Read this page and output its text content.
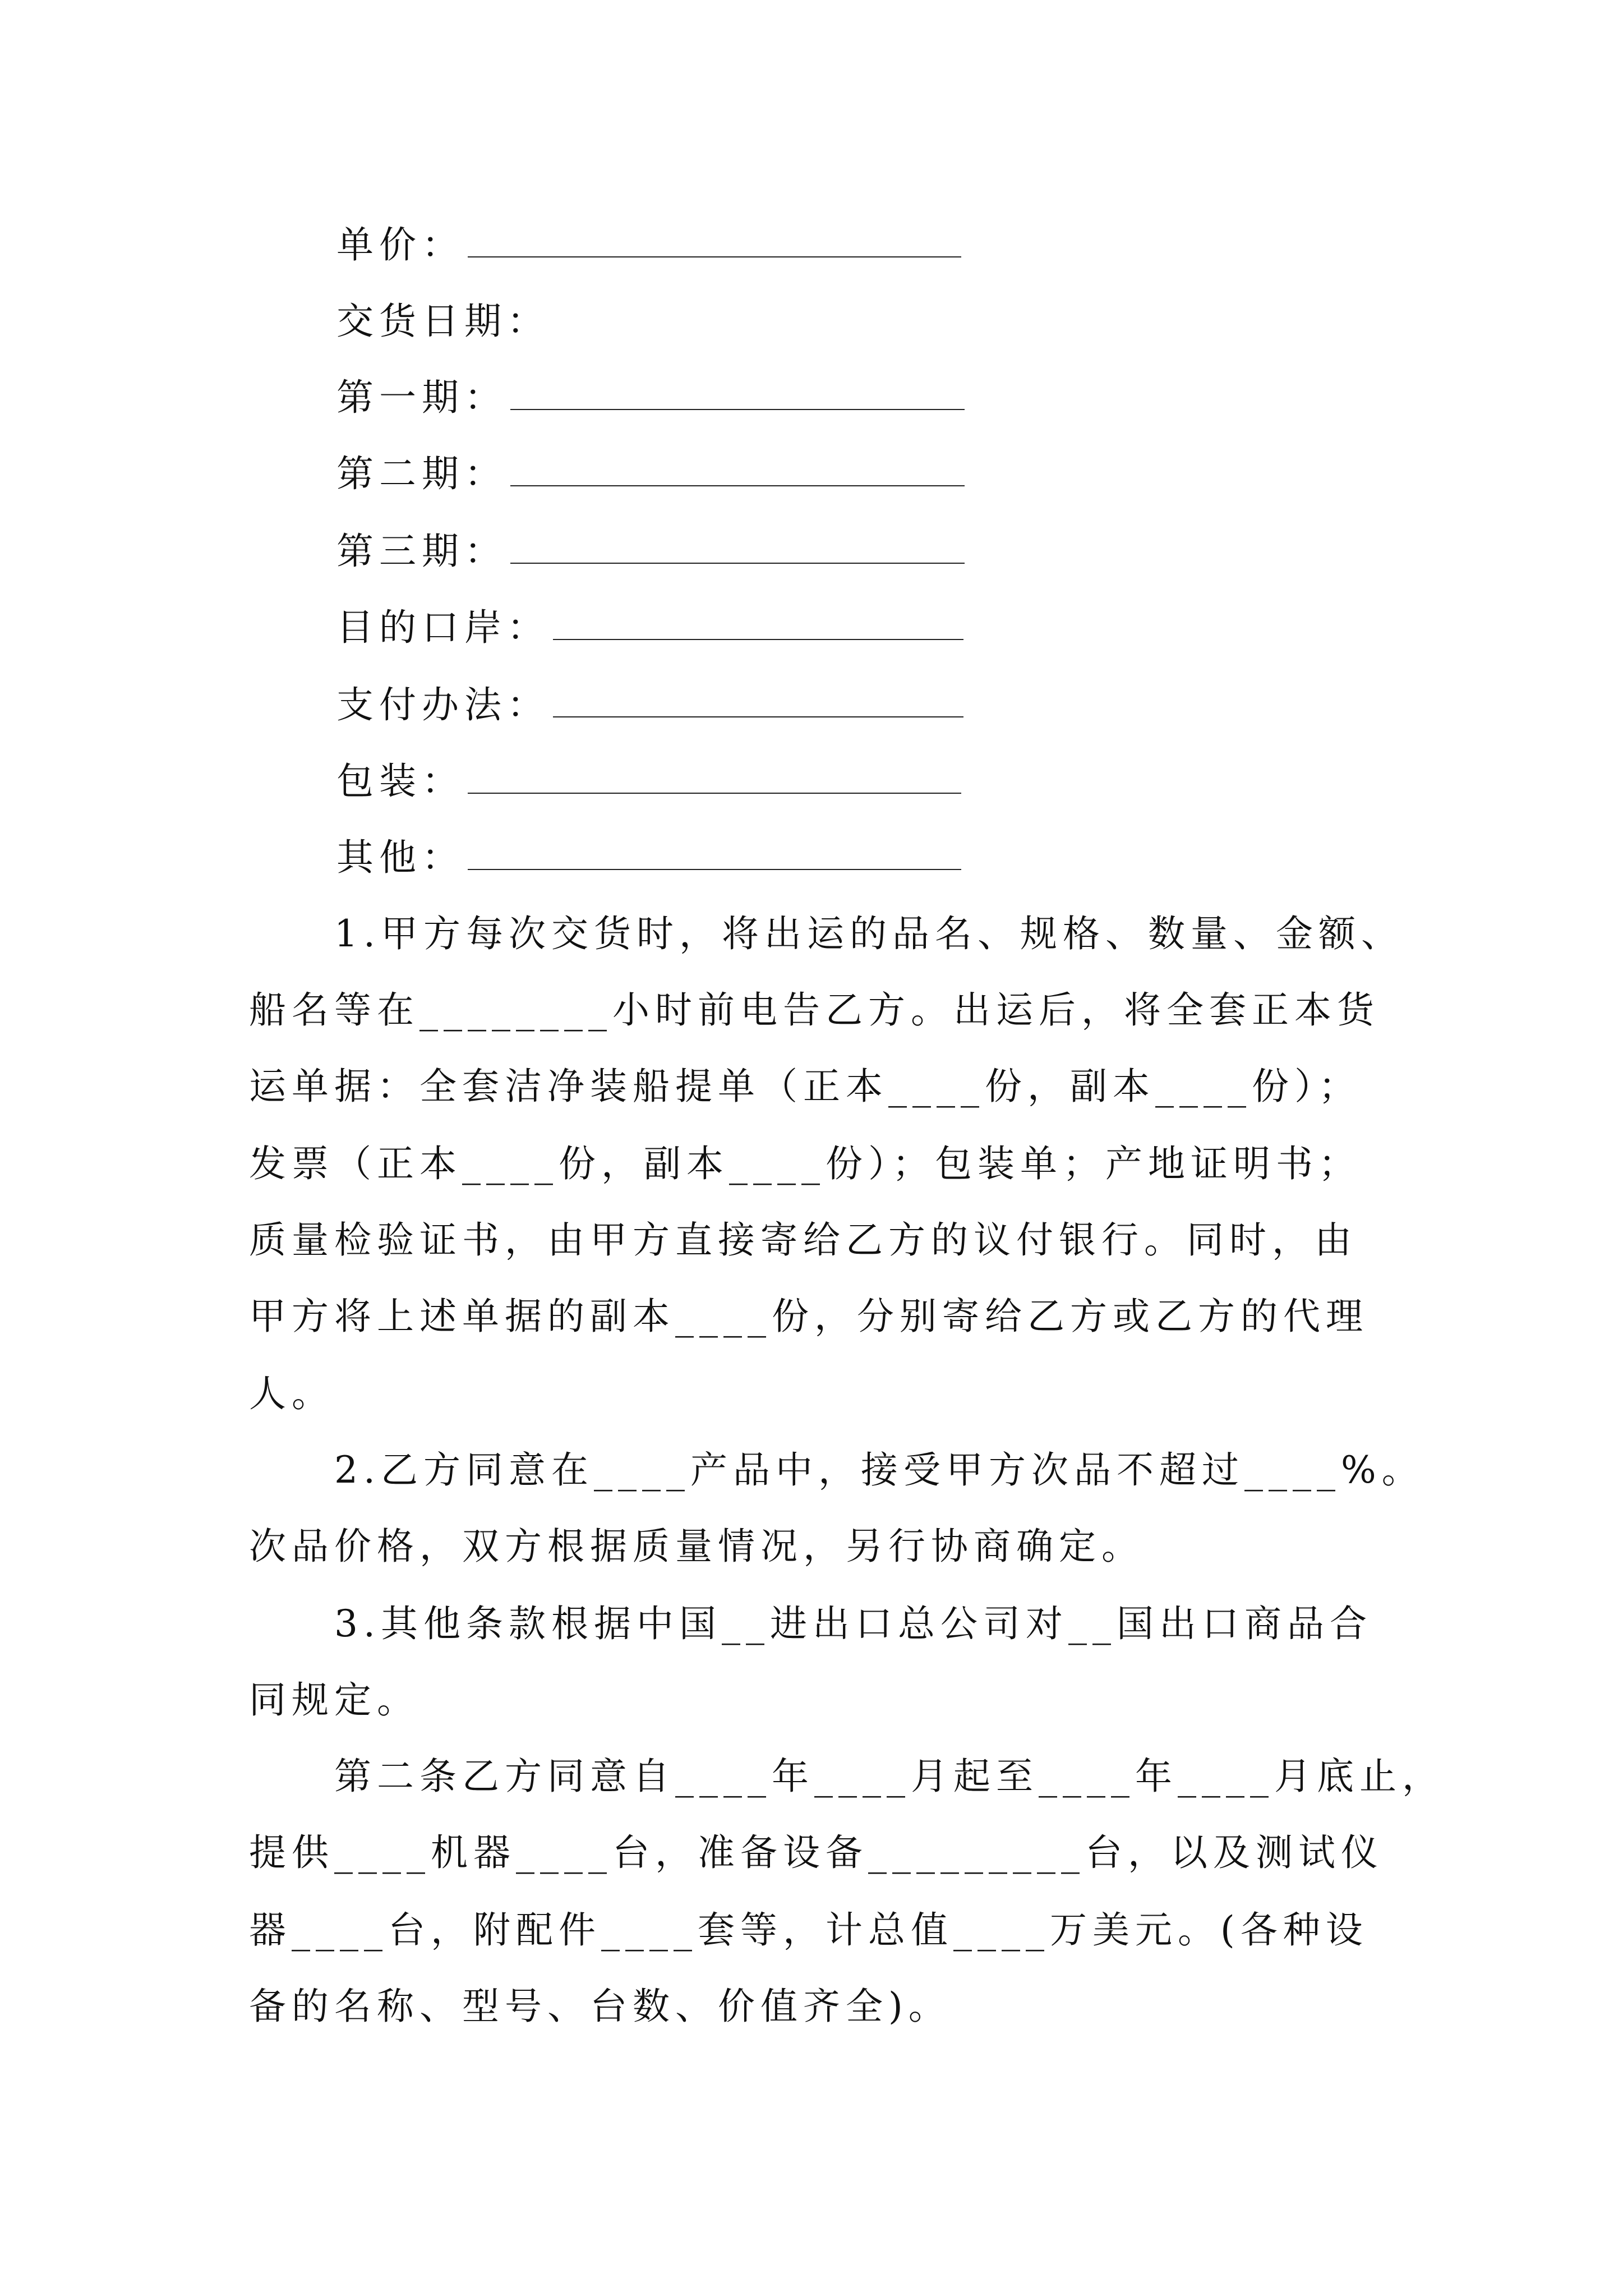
单价：
交货日期：
第一期：
第二期：
第三期：
目的口岸：
支付办法：
包装：
其他：
1.甲方每次交货时，将出运的品名、规格、数量、金额、
船名等在________小时前电告乙方。出运后，将全套正本货
运单据：全套洁净装船提单（正本____份，副本____份）；
发票（正本____份，副本____份）；包装单；产地证明书；
质量检验证书，由甲方直接寄给乙方的议付银行。同时，由
甲方将上述单据的副本____份，分别寄给乙方或乙方的代理
人。
2.乙方同意在____产品中，接受甲方次品不超过____%。
次品价格，双方根据质量情况，另行协商确定。
3.其他条款根据中国__进出口总公司对__国出口商品合
同规定。
第二条乙方同意自____年____月起至____年____月底止，
提供____机器____台，准备设备_________台，以及测试仪
器____台，附配件____套等，计总值____万美元。(各种设
备的名称、型号、台数、价值齐全)。
